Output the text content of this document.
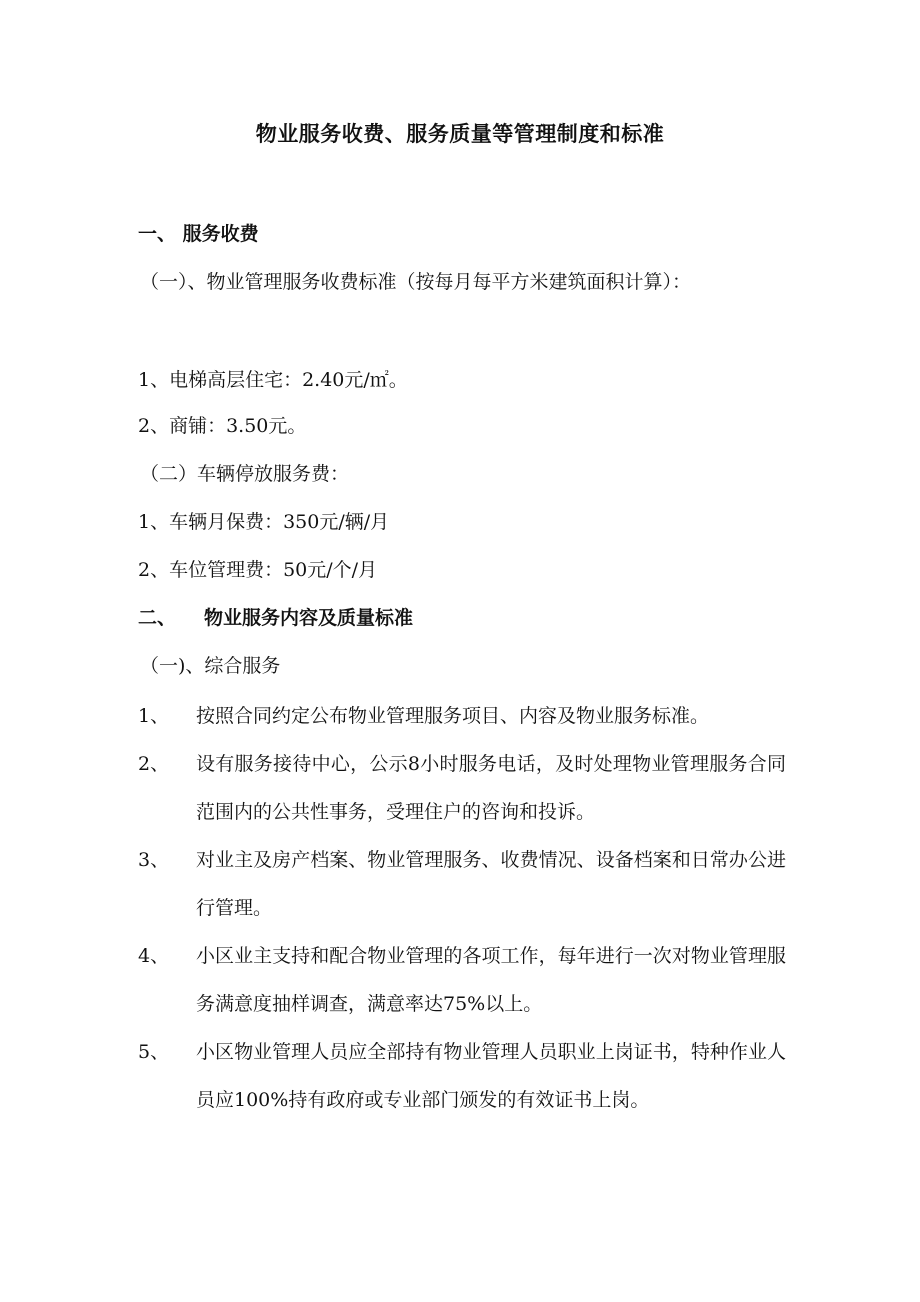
物业服务收费、服务质量等管理制度和标准
一、 服务收费
（一）、物业管理服务收费标准（按每月每平方米建筑面积计算）：
1、电梯高层住宅：2.40元/㎡。
2、商铺：3.50元。
（二）车辆停放服务费：
1、车辆月保费：350元/辆/月
2、车位管理费：50元/个/月
二、 物业服务内容及质量标准
（一)、综合服务
1、 按照合同约定公布物业管理服务项目、内容及物业服务标准。
2、 设有服务接待中心，公示8小时服务电话，及时处理物业管理服务合同范围内的公共性事务，受理住户的咨询和投诉。
3、 对业主及房产档案、物业管理服务、收费情况、设备档案和日常办公进行管理。
4、 小区业主支持和配合物业管理的各项工作，每年进行一次对物业管理服务满意度抽样调查，满意率达75%以上。
5、 小区物业管理人员应全部持有物业管理人员职业上岗证书，特种作业人员应100%持有政府或专业部门颁发的有效证书上岗。
